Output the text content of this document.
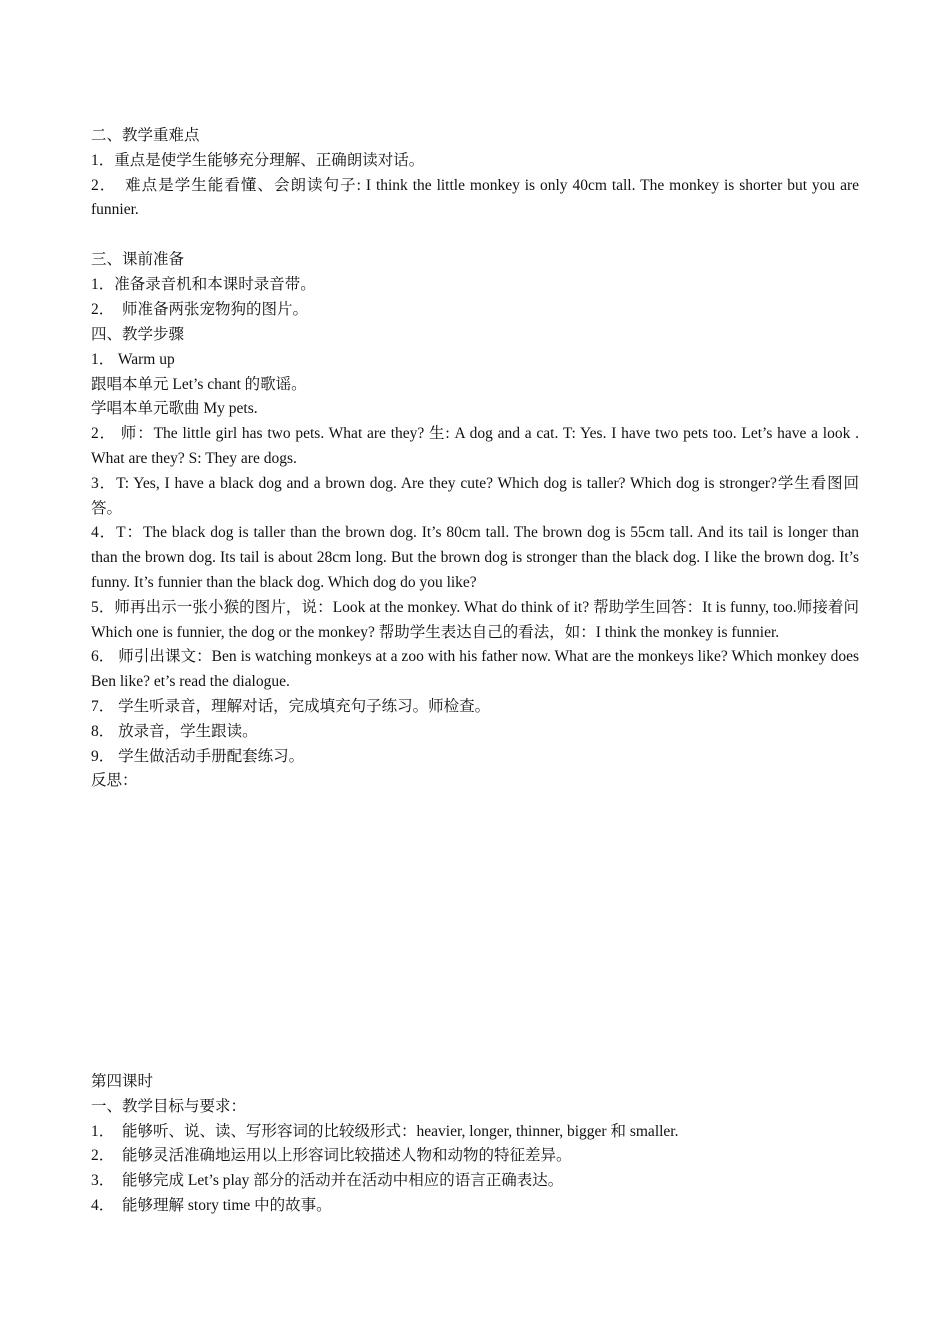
二、教学重难点
1．重点是使学生能够充分理解、正确朗读对话。
2．　难点是学生能看懂、会朗读句子: I think the little monkey is only 40cm tall. The monkey is shorter but you are funnier.
三、课前准备
1．准备录音机和本课时录音带。
2．　师准备两张宠物狗的图片。
四、教学步骤
1． Warm up
跟唱本单元 Let’s chant 的歌谣。
学唱本单元歌曲 My pets.
2． 师：The little girl has two pets. What are they? 生: A dog and a cat. T: Yes. I have two pets too. Let’s have a look . What are they? S: They are dogs.
3．T: Yes, I have a black dog and a brown dog. Are they cute? Which dog is taller? Which dog is stronger?学生看图回答。
4．T：The black dog is taller than the brown dog. It’s 80cm tall. The brown dog is 55cm tall. And its tail is longer than than the brown dog. Its tail is about 28cm long. But the brown dog is stronger than the black dog. I like the brown dog. It’s funny. It’s funnier than the black dog. Which dog do you like?
5．师再出示一张小猴的图片，说：Look at the monkey. What do think of it? 帮助学生回答：It is funny, too.师接着问 Which one is funnier, the dog or the monkey? 帮助学生表达自己的看法，如：I think the monkey is funnier.
6． 师引出课文：Ben is watching monkeys at a zoo with his father now. What are the monkeys like? Which monkey does Ben like? et’s read the dialogue.
7． 学生听录音，理解对话，完成填充句子练习。师检查。
8． 放录音，学生跟读。
9． 学生做活动手册配套练习。
反思：
第四课时
一、教学目标与要求：
1．　能够听、说、读、写形容词的比较级形式：heavier, longer, thinner, bigger 和 smaller.
2．　能够灵活准确地运用以上形容词比较描述人物和动物的特征差异。
3．　能够完成 Let’s play 部分的活动并在活动中相应的语言正确表达。
4．　能够理解 story time 中的故事。
